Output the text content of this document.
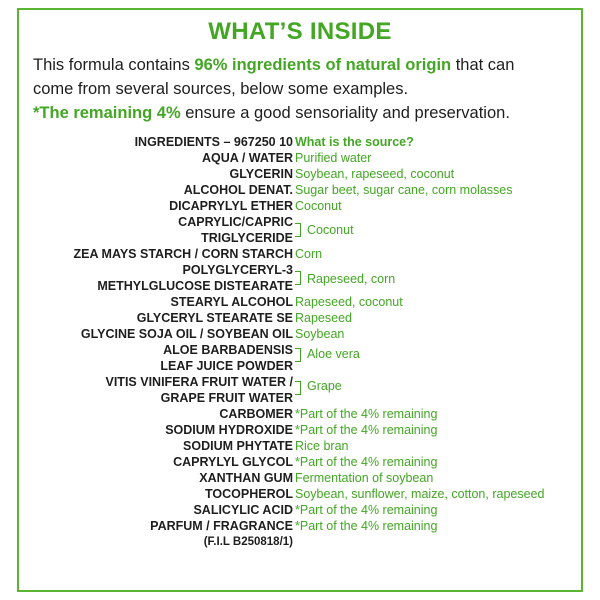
WHAT’S INSIDE
This formula contains 96% ingredients of natural origin that can
come from several sources, below some examples.
*The remaining 4% ensure a good sensoriality and preservation.
INGREDIENTS – 967250 10 What is the source?
AQUA / WATER Purified water
GLYCERIN Soybean, rapeseed, coconut
ALCOHOL DENAT. Sugar beet, sugar cane, corn molasses
DICAPRYLYL ETHER Coconut
CAPRYLIC/CAPRIC
TRIGLYCERIDE
Coconut
ZEA MAYS STARCH / CORN STARCH Corn
POLYGLYCERYL-3
METHYLGLUCOSE DISTEARATE Rapeseed, corn
STEARYL ALCOHOL Rapeseed, coconut
GLYCERYL STEARATE SE Rapeseed
GLYCINE SOJA OIL / SOYBEAN OIL Soybean
ALOE BARBADENSIS
LEAF JUICE POWDER
Aloe vera
VITIS VINIFERA FRUIT WATER /
GRAPE FRUIT WATER
Grape
CARBOMER *Part of the 4% remaining
SODIUM HYDROXIDE *Part of the 4% remaining
SODIUM PHYTATE Rice bran
CAPRYLYL GLYCOL *Part of the 4% remaining
XANTHAN GUM Fermentation of soybean
TOCOPHEROL Soybean, sunflower, maize, cotton, rapeseed
SALICYLIC ACID *Part of the 4% remaining
PARFUM / FRAGRANCE *Part of the 4% remaining
(F.I.L B250818/1)
